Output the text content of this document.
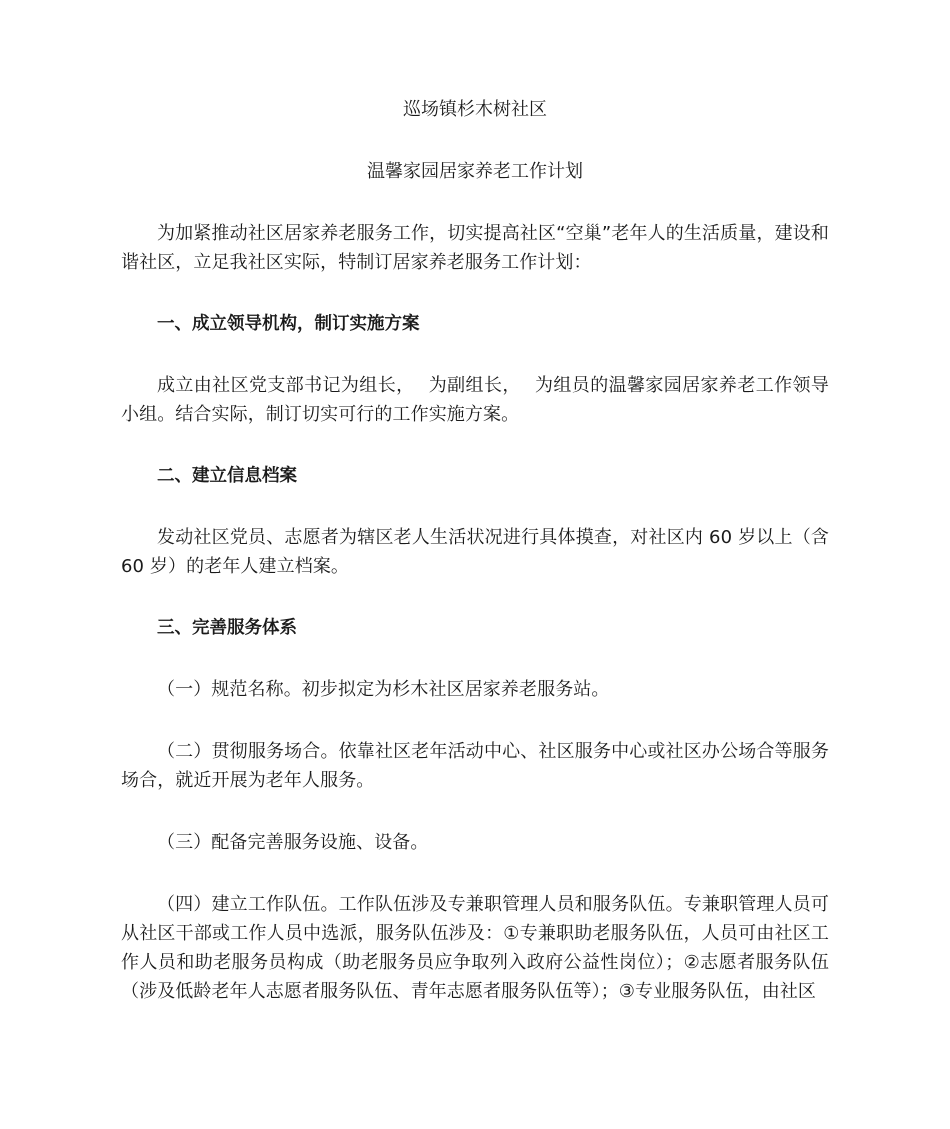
巡场镇杉木树社区

温馨家园居家养老工作计划

为加紧推动社区居家养老服务工作，切实提高社区“空巢”老年人的生活质量，建设和谐社区，立足我社区实际，特制订居家养老服务工作计划：

一、成立领导机构，制订实施方案

成立由社区党支部书记为组长， 为副组长， 为组员的温馨家园居家养老工作领导小组。结合实际，制订切实可行的工作实施方案。

二、建立信息档案

发动社区党员、志愿者为辖区老人生活状况进行具体摸查，对社区内 60 岁以上（含 60 岁）的老年人建立档案。

三、完善服务体系

（一）规范名称。初步拟定为杉木社区居家养老服务站。

（二）贯彻服务场合。依靠社区老年活动中心、社区服务中心或社区办公场合等服务场合，就近开展为老年人服务。

（三）配备完善服务设施、设备。

（四）建立工作队伍。工作队伍涉及专兼职管理人员和服务队伍。专兼职管理人员可从社区干部或工作人员中选派，服务队伍涉及：①专兼职助老服务队伍，人员可由社区工作人员和助老服务员构成（助老服务员应争取列入政府公益性岗位）；②志愿者服务队伍（涉及低龄老年人志愿者服务队伍、青年志愿者服务队伍等）；③专业服务队伍，由社区
